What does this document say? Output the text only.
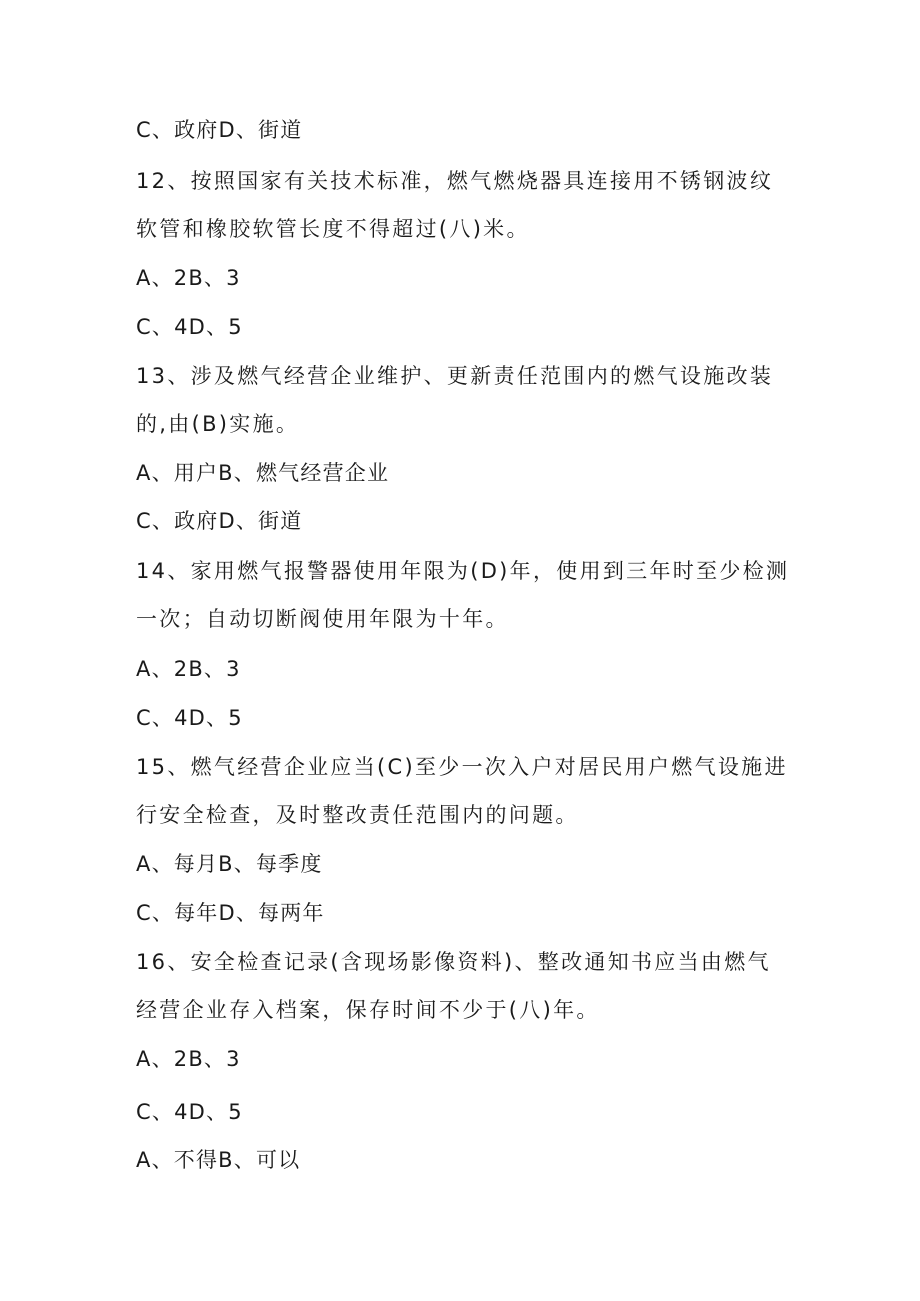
C、政府D、街道
12、按照国家有关技术标准，燃气燃烧器具连接用不锈钢波纹
软管和橡胶软管长度不得超过(八)米。
A、2B、3
C、4D、5
13、涉及燃气经营企业维护、更新责任范围内的燃气设施改装
的,由(B)实施。
A、用户B、燃气经营企业
C、政府D、街道
14、家用燃气报警器使用年限为(D)年，使用到三年时至少检测
一次；自动切断阀使用年限为十年。
A、2B、3
C、4D、5
15、燃气经营企业应当(C)至少一次入户对居民用户燃气设施进
行安全检查，及时整改责任范围内的问题。
A、每月B、每季度
C、每年D、每两年
16、安全检查记录(含现场影像资料)、整改通知书应当由燃气
经营企业存入档案，保存时间不少于(八)年。
A、2B、3
C、4D、5
A、不得B、可以
